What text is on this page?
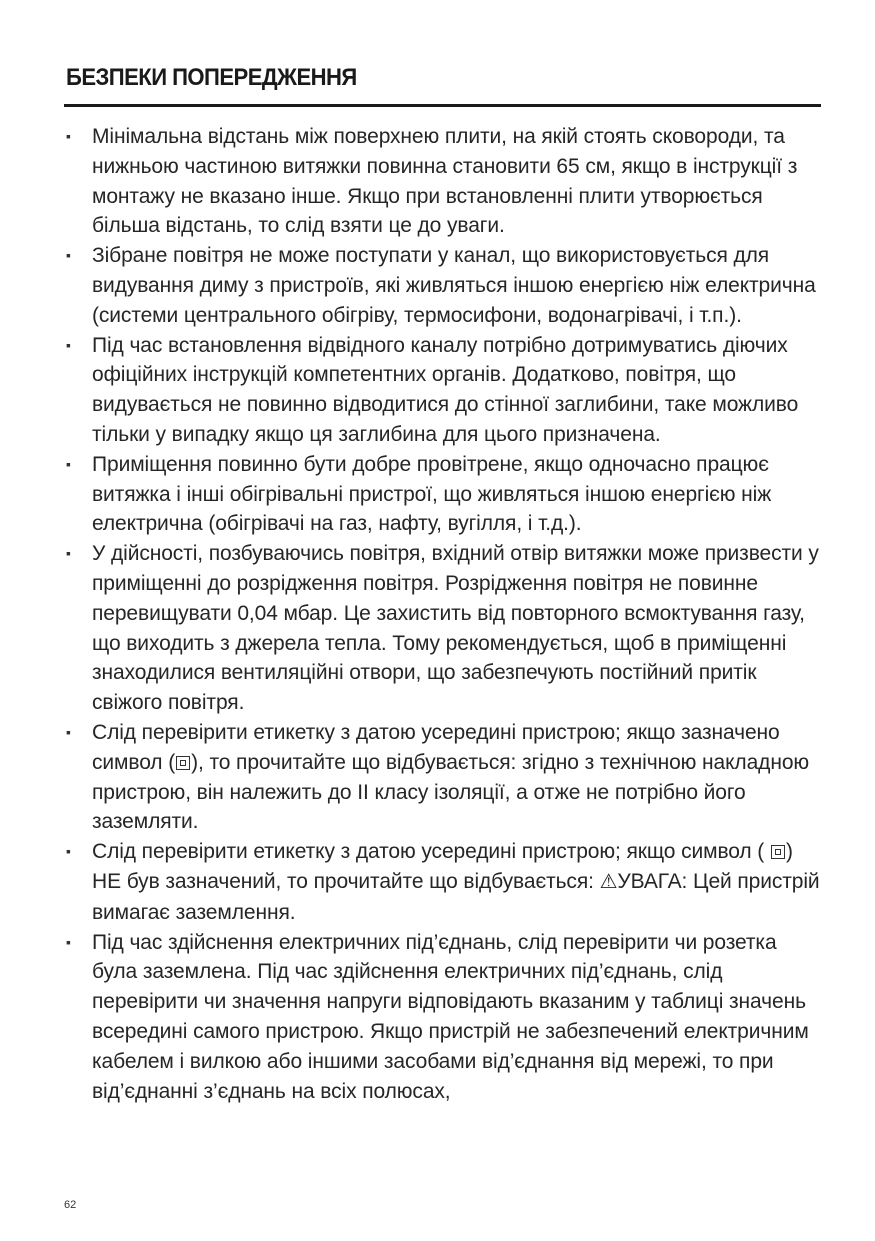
БЕЗПЕКИ ПОПЕРЕДЖЕННЯ
▪ Мінімальна відстань між поверхнею плити, на якій стоять сковороди, та нижньою частиною витяжки повинна становити 65 см, якщо в інструкції з монтажу не вказано інше. Якщо при встановленні плити утворюється більша відстань, то слід взяти це до уваги.
▪ Зібране повітря не може поступати у канал, що використовується для видування диму з пристроїв, які живляться іншою енергією ніж електрична (системи центрального обігріву, термосифони, водонагрівачі, і т.п.).
▪ Під час встановлення відвідного каналу потрібно дотримуватись діючих офіційних інструкцій компетентних органів. Додатково, повітря, що видувається не повинно відводитися до стінної заглибини, таке можливо тільки у випадку якщо ця заглибина для цього призначена.
▪ Приміщення повинно бути добре провітрене, якщо одночасно працює витяжка і інші обігрівальні пристрої, що живляться іншою енергією ніж електрична (обігрівачі на газ, нафту, вугілля, і т.д.).
▪ У дійсності, позбуваючись повітря, вхідний отвір витяжки може призвести у приміщенні до розрідження повітря. Розрідження повітря не повинне перевищувати 0,04 мбар. Це захистить від повторного всмоктування газу, що виходить з джерела тепла. Тому рекомендується, щоб в приміщенні знаходилися вентиляційні отвори, що забезпечують постійний притік свіжого повітря.
▪ Слід перевірити етикетку з датою усередині пристрою; якщо зазначено символ ( ), то прочитайте що відбувається: згідно з технічною накладною пристрою, він належить до II класу ізоляції, а отже не потрібно його заземляти.
▪ Слід перевірити етикетку з датою усередині пристрою; якщо символ ( ) НЕ був зазначений, то прочитайте що відбувається: ⚠УВАГА: Цей пристрій вимагає заземлення.
▪ Під час здійснення електричних під’єднань, слід перевірити чи розетка була заземлена. Під час здійснення електричних під’єднань, слід перевірити чи значення напруги відповідають вказаним у таблиці значень всередині самого пристрою. Якщо пристрій не забезпечений електричним кабелем і вилкою або іншими засобами від’єднання від мережі, то при від’єднанні з’єднань на всіх полюсах,
62
